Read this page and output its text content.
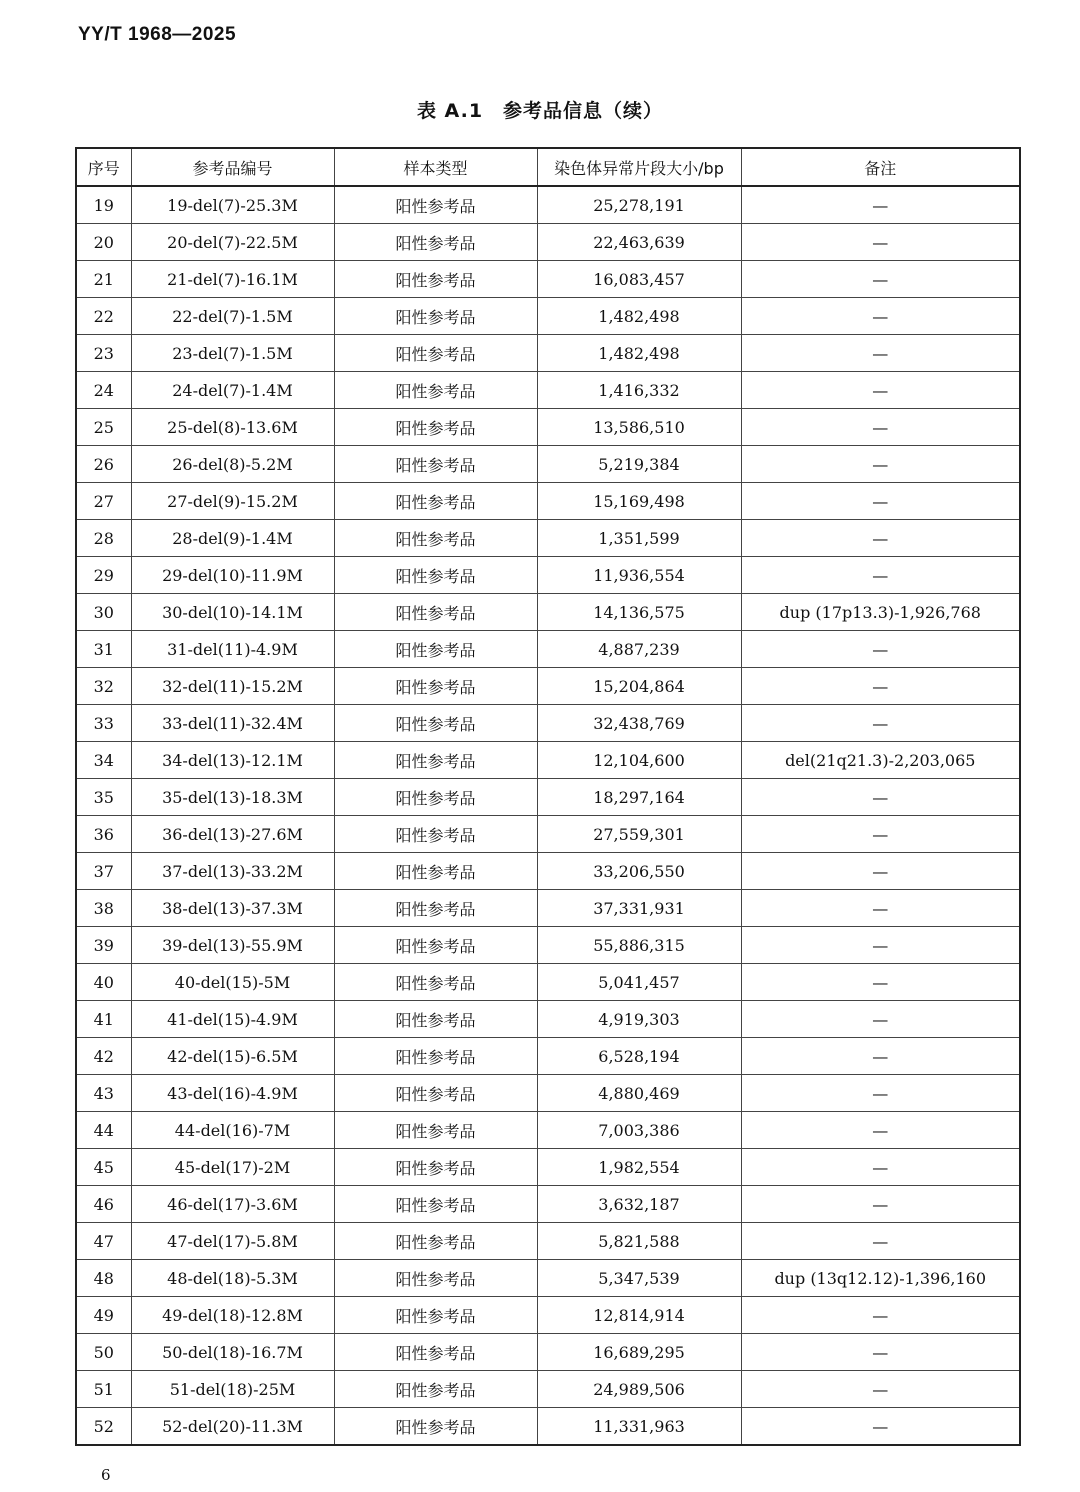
YY/T 1968—2025
表 A.1　参考品信息（续）
序号	参考品编号	样本类型	染色体异常片段大小/bp	备注
19	19-del(7)-25.3M	阳性参考品	25,278,191	—
20	20-del(7)-22.5M	阳性参考品	22,463,639	—
21	21-del(7)-16.1M	阳性参考品	16,083,457	—
22	22-del(7)-1.5M	阳性参考品	1,482,498	—
23	23-del(7)-1.5M	阳性参考品	1,482,498	—
24	24-del(7)-1.4M	阳性参考品	1,416,332	—
25	25-del(8)-13.6M	阳性参考品	13,586,510	—
26	26-del(8)-5.2M	阳性参考品	5,219,384	—
27	27-del(9)-15.2M	阳性参考品	15,169,498	—
28	28-del(9)-1.4M	阳性参考品	1,351,599	—
29	29-del(10)-11.9M	阳性参考品	11,936,554	—
30	30-del(10)-14.1M	阳性参考品	14,136,575	dup (17p13.3)-1,926,768
31	31-del(11)-4.9M	阳性参考品	4,887,239	—
32	32-del(11)-15.2M	阳性参考品	15,204,864	—
33	33-del(11)-32.4M	阳性参考品	32,438,769	—
34	34-del(13)-12.1M	阳性参考品	12,104,600	del(21q21.3)-2,203,065
35	35-del(13)-18.3M	阳性参考品	18,297,164	—
36	36-del(13)-27.6M	阳性参考品	27,559,301	—
37	37-del(13)-33.2M	阳性参考品	33,206,550	—
38	38-del(13)-37.3M	阳性参考品	37,331,931	—
39	39-del(13)-55.9M	阳性参考品	55,886,315	—
40	40-del(15)-5M	阳性参考品	5,041,457	—
41	41-del(15)-4.9M	阳性参考品	4,919,303	—
42	42-del(15)-6.5M	阳性参考品	6,528,194	—
43	43-del(16)-4.9M	阳性参考品	4,880,469	—
44	44-del(16)-7M	阳性参考品	7,003,386	—
45	45-del(17)-2M	阳性参考品	1,982,554	—
46	46-del(17)-3.6M	阳性参考品	3,632,187	—
47	47-del(17)-5.8M	阳性参考品	5,821,588	—
48	48-del(18)-5.3M	阳性参考品	5,347,539	dup (13q12.12)-1,396,160
49	49-del(18)-12.8M	阳性参考品	12,814,914	—
50	50-del(18)-16.7M	阳性参考品	16,689,295	—
51	51-del(18)-25M	阳性参考品	24,989,506	—
52	52-del(20)-11.3M	阳性参考品	11,331,963	—
6
